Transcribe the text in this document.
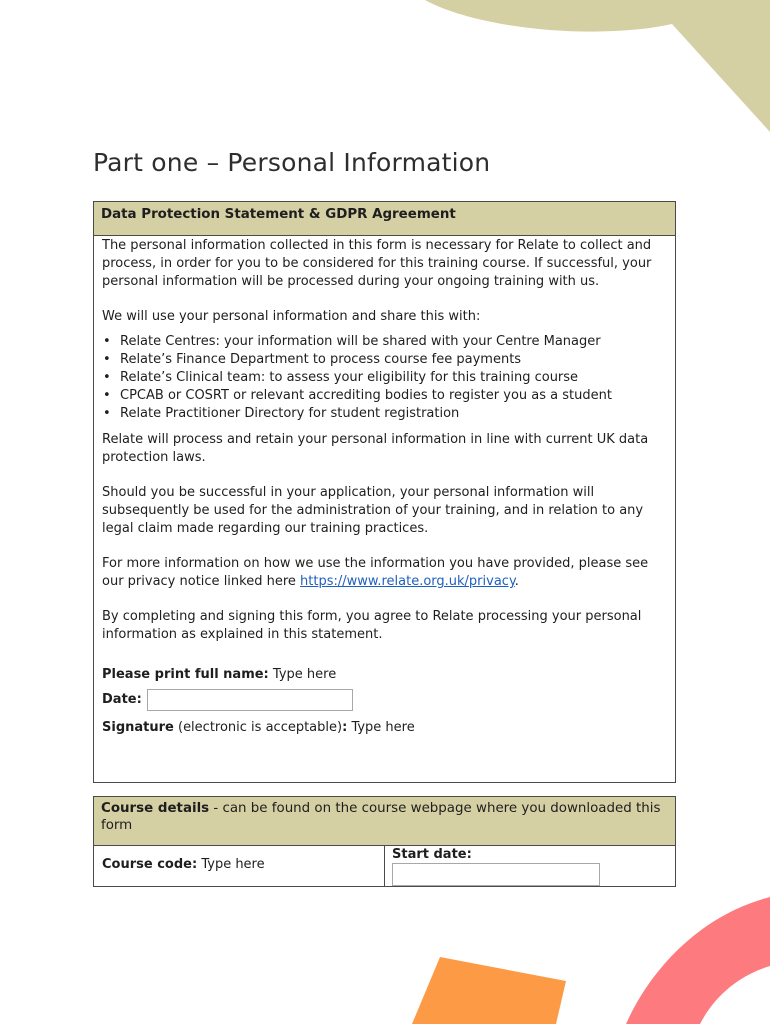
Part one – Personal Information
Data Protection Statement & GDPR Agreement

The personal information collected in this form is necessary for Relate to collect and process, in order for you to be considered for this training course. If successful, your personal information will be processed during your ongoing training with us.

We will use your personal information and share this with:

• Relate Centres: your information will be shared with your Centre Manager
• Relate’s Finance Department to process course fee payments
• Relate’s Clinical team: to assess your eligibility for this training course
• CPCAB or COSRT or relevant accrediting bodies to register you as a student
• Relate Practitioner Directory for student registration

Relate will process and retain your personal information in line with current UK data protection laws.

Should you be successful in your application, your personal information will subsequently be used for the administration of your training, and in relation to any legal claim made regarding our training practices.

For more information on how we use the information you have provided, please see our privacy notice linked here https://www.relate.org.uk/privacy.

By completing and signing this form, you agree to Relate processing your personal information as explained in this statement.

Please print full name: Type here
Date:
Signature (electronic is acceptable): Type here
Course details - can be found on the course webpage where you downloaded this form
Course code: Type here
Start date:
